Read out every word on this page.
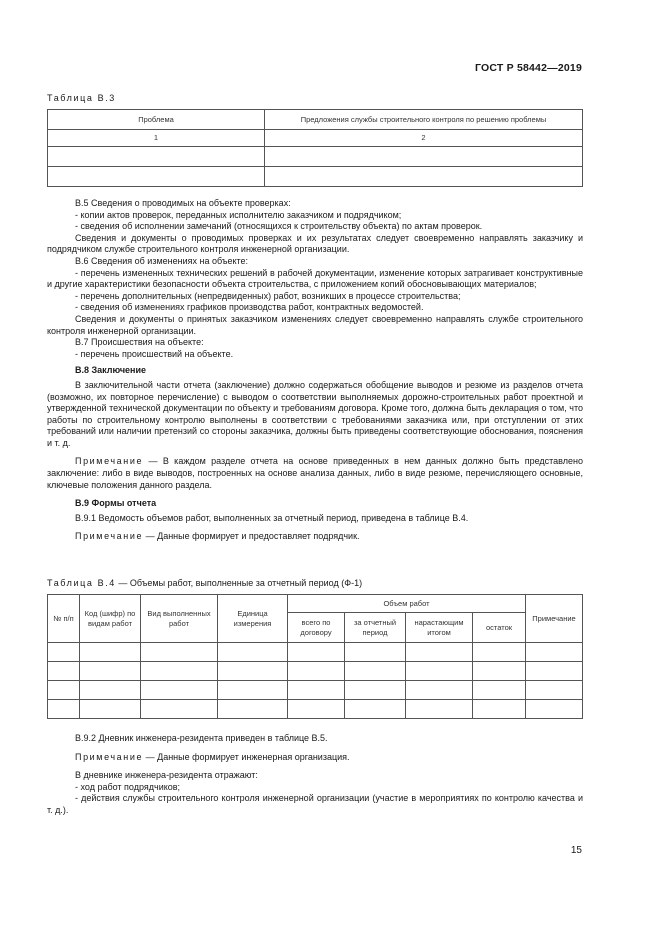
ГОСТ Р 58442—2019
Таблица В.3
Проблема	Предложения службы строительного контроля по решению проблемы
1	2

В.5 Сведения о проводимых на объекте проверках:

- копии актов проверок, переданных исполнителю заказчиком и подрядчиком;

- сведения об исполнении замечаний (относящихся к строительству объекта) по актам проверок.

Сведения и документы о проводимых проверках и их результатах следует своевременно направлять заказчику и подрядчиком службе строительного контроля инженерной организации.

В.6 Сведения об изменениях на объекте:

- перечень измененных технических решений в рабочей документации, изменение которых затрагивает конструктивные и другие характеристики безопасности объекта строительства, с приложением копий обосновывающих материалов;

- перечень дополнительных (непредвиденных) работ, возникших в процессе строительства;

- сведения об изменениях графиков производства работ, контрактных ведомостей.

Сведения и документы о принятых заказчиком изменениях следует своевременно направлять службе строительного контроля инженерной организации.

В.7 Происшествия на объекте:

- перечень происшествий на объекте.

В.8 Заключение

В заключительной части отчета (заключение) должно содержаться обобщение выводов и резюме из разделов отчета (возможно, их повторное перечисление) с выводом о соответствии выполняемых дорожно-строительных работ проектной и утвержденной технической документации по объекту и требованиям договора. Кроме того, должна быть декларация о том, что работы по строительному контролю выполнены в соответствии с требованиями заказчика или, при отступлении от этих требований или наличии претензий со стороны заказчика, должны быть приведены соответствующие обоснования, пояснения и т. д.

Примечание — В каждом разделе отчета на основе приведенных в нем данных должно быть представлено заключение: либо в виде выводов, построенных на основе анализа данных, либо в виде резюме, перечисляющего основные, ключевые положения данного раздела.

В.9 Формы отчета

В.9.1 Ведомость объемов работ, выполненных за отчетный период, приведена в таблице В.4.

Примечание — Данные формирует и предоставляет подрядчик.

Таблица В.4 — Объемы работ, выполненные за отчетный период (Ф-1)
№ п/п	Код (шифр) по видам работ	Вид выполненных работ	Единица измерения	Объем работ				Примечание
				всего по договору	за отчетный период	нарастающим итогом	остаток	

В.9.2 Дневник инженера-резидента приведен в таблице В.5.

Примечание — Данные формирует инженерная организация.

В дневнике инженера-резидента отражают:

- ход работ подрядчиков;

- действия службы строительного контроля инженерной организации (участие в мероприятиях по контролю качества и т. д.).

15
